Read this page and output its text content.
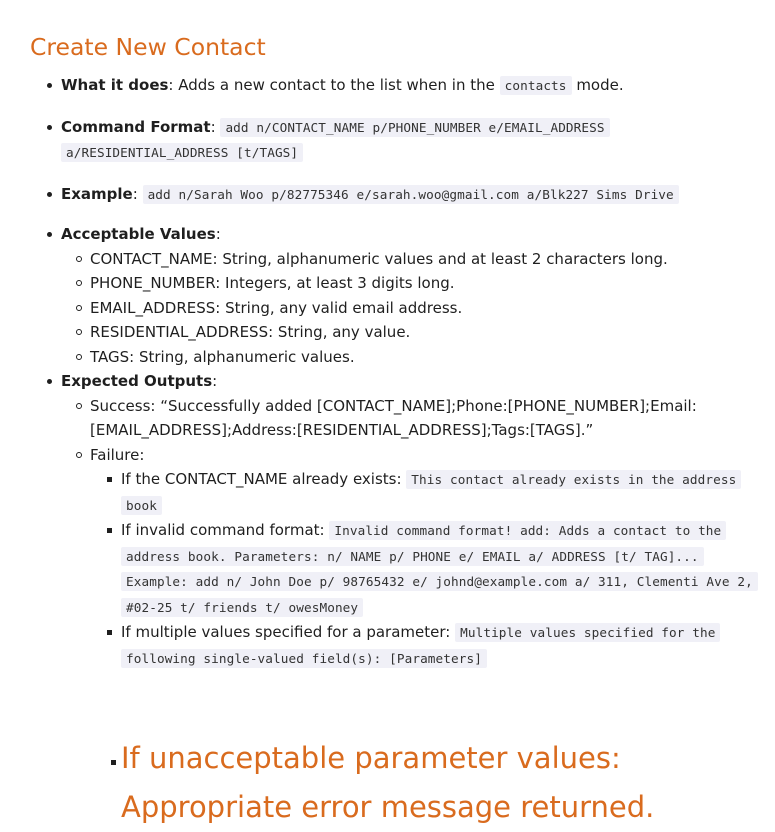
Create New Contact
What it does: Adds a new contact to the list when in the contacts mode.
Command Format: add n/CONTACT_NAME p/PHONE_NUMBER e/EMAIL_ADDRESS a/RESIDENTIAL_ADDRESS [t/TAGS]
Example: add n/Sarah Woo p/82775346 e/sarah.woo@gmail.com a/Blk227 Sims Drive
Acceptable Values:
CONTACT_NAME: String, alphanumeric values and at least 2 characters long.
PHONE_NUMBER: Integers, at least 3 digits long.
EMAIL_ADDRESS: String, any valid email address.
RESIDENTIAL_ADDRESS: String, any value.
TAGS: String, alphanumeric values.
Expected Outputs:
Success: “Successfully added [CONTACT_NAME];Phone:[PHONE_NUMBER];Email:[EMAIL_ADDRESS];Address:[RESIDENTIAL_ADDRESS];Tags:[TAGS].”
Failure:
If the CONTACT_NAME already exists: This contact already exists in the address book
If invalid command format: Invalid command format! add: Adds a contact to the address book. Parameters: n/ NAME p/ PHONE e/ EMAIL a/ ADDRESS [t/ TAG]... Example: add n/ John Doe p/ 98765432 e/ johnd@example.com a/ 311, Clementi Ave 2, #02-25 t/ friends t/ owesMoney
If multiple values specified for a parameter: Multiple values specified for the following single-valued field(s): [Parameters]
If unacceptable parameter values: Appropriate error message returned.
